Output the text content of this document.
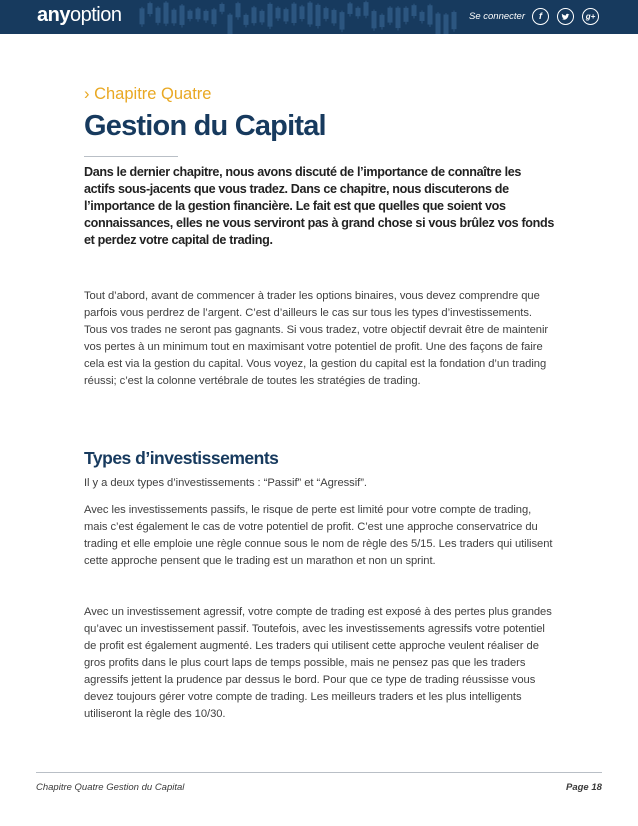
anyoption	Se connecter	f	g+
› Chapitre Quatre
Gestion du Capital

Dans le dernier chapitre, nous avons discuté de l’importance de connaître les actifs sous-jacents que vous tradez. Dans ce chapitre, nous discuterons de l’importance de la gestion financière. Le fait est que quelles que soient vos connaissances, elles ne vous serviront pas à grand chose si vous brûlez vos fonds et perdez votre capital de trading.

Tout d’abord, avant de commencer à trader les options binaires, vous devez comprendre que parfois vous perdrez de l’argent. C’est d’ailleurs le cas sur tous les types d’investissements. Tous vos trades ne seront pas gagnants. Si vous tradez, votre objectif devrait être de maintenir vos pertes à un minimum tout en maximisant votre potentiel de profit. Une des façons de faire cela est via la gestion du capital. Vous voyez, la gestion du capital est la fondation d’un trading réussi; c’est la colonne vertébrale de toutes les stratégies de trading.

Types d’investissements

Il y a deux types d’investissements : “Passif” et “Agressif”.

Avec les investissements passifs, le risque de perte est limité pour votre compte de trading, mais c’est également le cas de votre potentiel de profit. C’est une approche conservatrice du trading et elle emploie une règle connue sous le nom de règle des 5/15. Les traders qui utilisent cette approche pensent que le trading est un marathon et non un sprint.

Avec un investissement agressif, votre compte de trading est exposé à des pertes plus grandes qu’avec un investissement passif. Toutefois, avec les investissements agressifs votre potentiel de profit est également augmenté. Les traders qui utilisent cette approche veulent réaliser de gros profits dans le plus court laps de temps possible, mais ne pensez pas que les traders agressifs jettent la prudence par dessus le bord. Pour que ce type de trading réussisse vous devez toujours gérer votre compte de trading. Les meilleurs traders et les plus intelligents utiliseront la règle des 10/30.

Chapitre Quatre Gestion du Capital	Page 18
